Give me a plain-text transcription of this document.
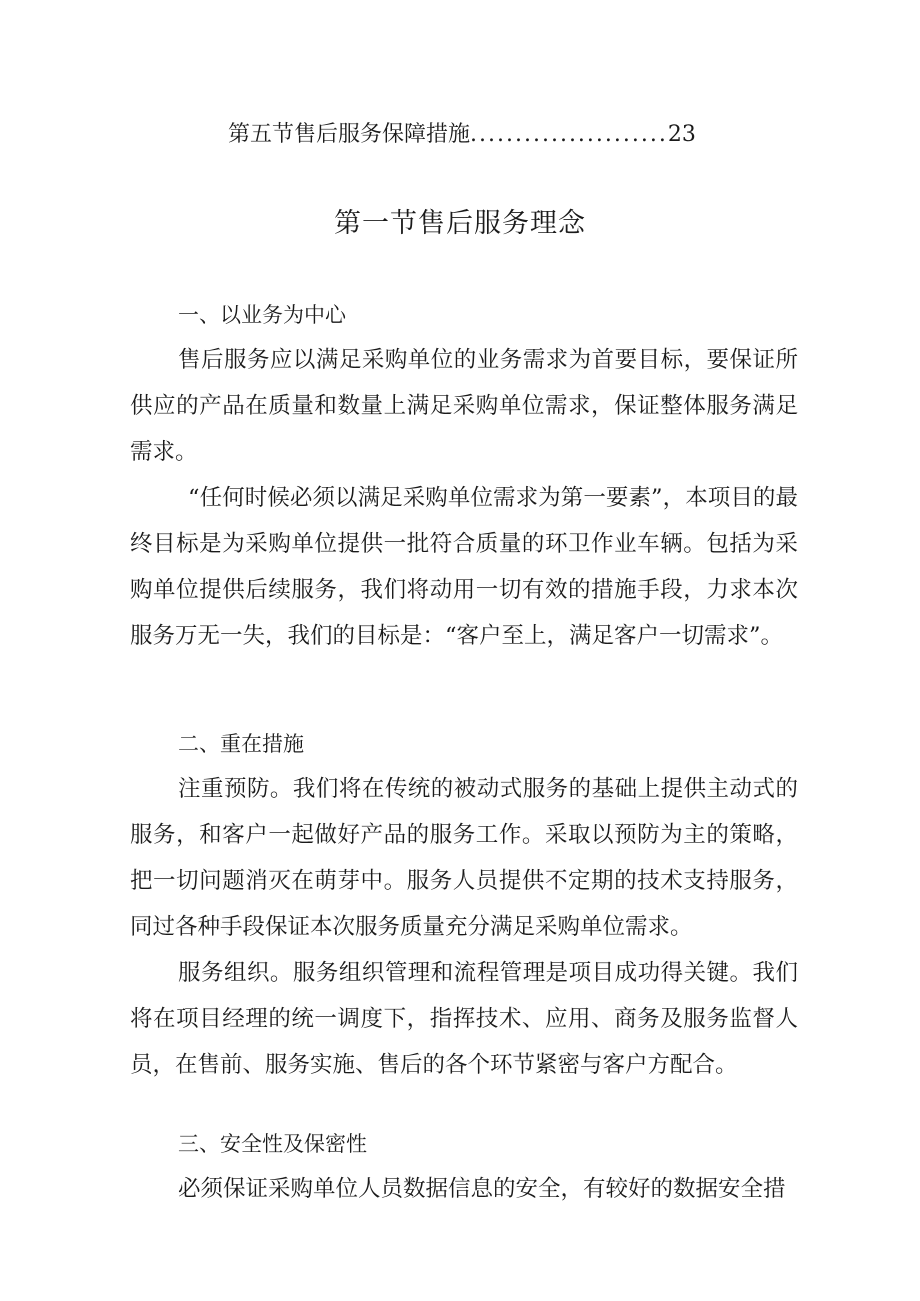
第五节售后服务保障措施......................23
第一节售后服务理念
一、以业务为中心

售后服务应以满足采购单位的业务需求为首要目标，要保证所供应的产品在质量和数量上满足采购单位需求，保证整体服务满足需求。

“任何时候必须以满足采购单位需求为第一要素”，本项目的最终目标是为采购单位提供一批符合质量的环卫作业车辆。包括为采购单位提供后续服务，我们将动用一切有效的措施手段，力求本次服务万无一失，我们的目标是：“客户至上，满足客户一切需求”。

二、重在措施

注重预防。我们将在传统的被动式服务的基础上提供主动式的服务，和客户一起做好产品的服务工作。采取以预防为主的策略，把一切问题消灭在萌芽中。服务人员提供不定期的技术支持服务，同过各种手段保证本次服务质量充分满足采购单位需求。

服务组织。服务组织管理和流程管理是项目成功得关键。我们将在项目经理的统一调度下，指挥技术、应用、商务及服务监督人员，在售前、服务实施、售后的各个环节紧密与客户方配合。

三、安全性及保密性

必须保证采购单位人员数据信息的安全，有较好的数据安全措
